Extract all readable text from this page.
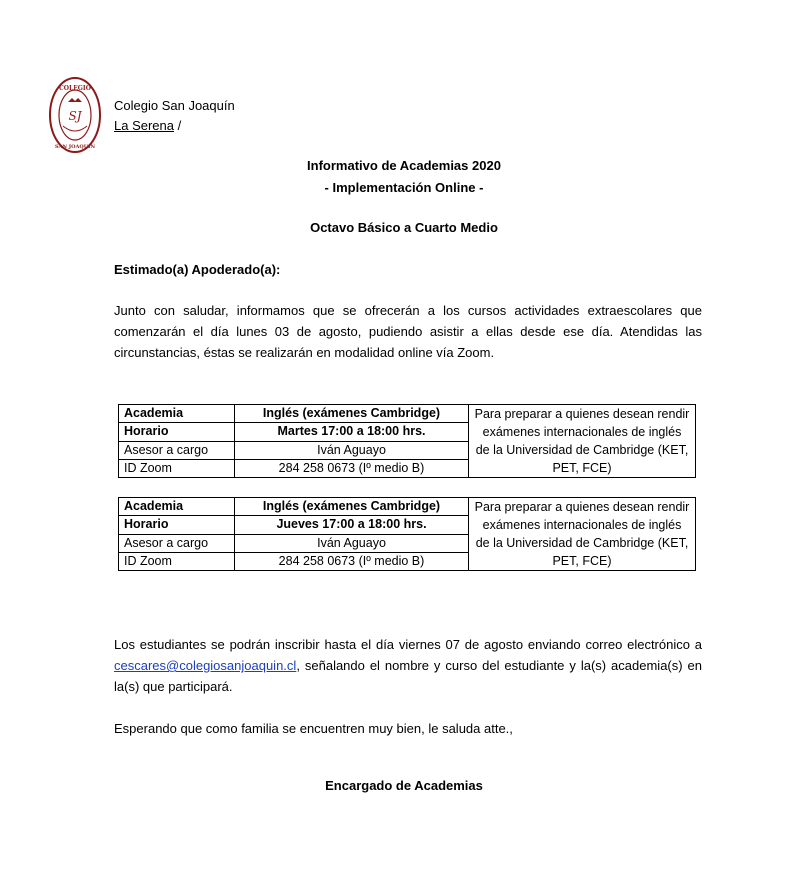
COLEGIO
SAN JOAQUIN
SJ
Colegio San Joaquín
La Serena /
Informativo de Academias 2020
- Implementación Online -
Octavo Básico a Cuarto Medio
Estimado(a) Apoderado(a):
Junto con saludar, informamos que se ofrecerán a los cursos actividades extraescolares que comenzarán el día lunes 03 de agosto, pudiendo asistir a ellas desde ese día. Atendidas las circunstancias, éstas se realizarán en modalidad online vía Zoom.
Academia	Inglés (exámenes Cambridge)	Para preparar a quienes desean rendir exámenes internacionales de inglés de la Universidad de Cambridge (KET, PET, FCE)
Horario	Martes 17:00 a 18:00 hrs.	
Asesor a cargo	Iván Aguayo	
ID Zoom	284 258 0673 (Iº medio B)	
Academia	Inglés (exámenes Cambridge)	Para preparar a quienes desean rendir exámenes internacionales de inglés de la Universidad de Cambridge (KET, PET, FCE)
Horario	Jueves 17:00 a 18:00 hrs.	
Asesor a cargo	Iván Aguayo	
ID Zoom	284 258 0673 (Iº medio B)	
Los estudiantes se podrán inscribir hasta el día viernes 07 de agosto enviando correo electrónico a cescares@colegiosanjoaquin.cl, señalando el nombre y curso del estudiante y la(s) academia(s) en la(s) que participará.
Esperando que como familia se encuentren muy bien, le saluda atte.,
Encargado de Academias
